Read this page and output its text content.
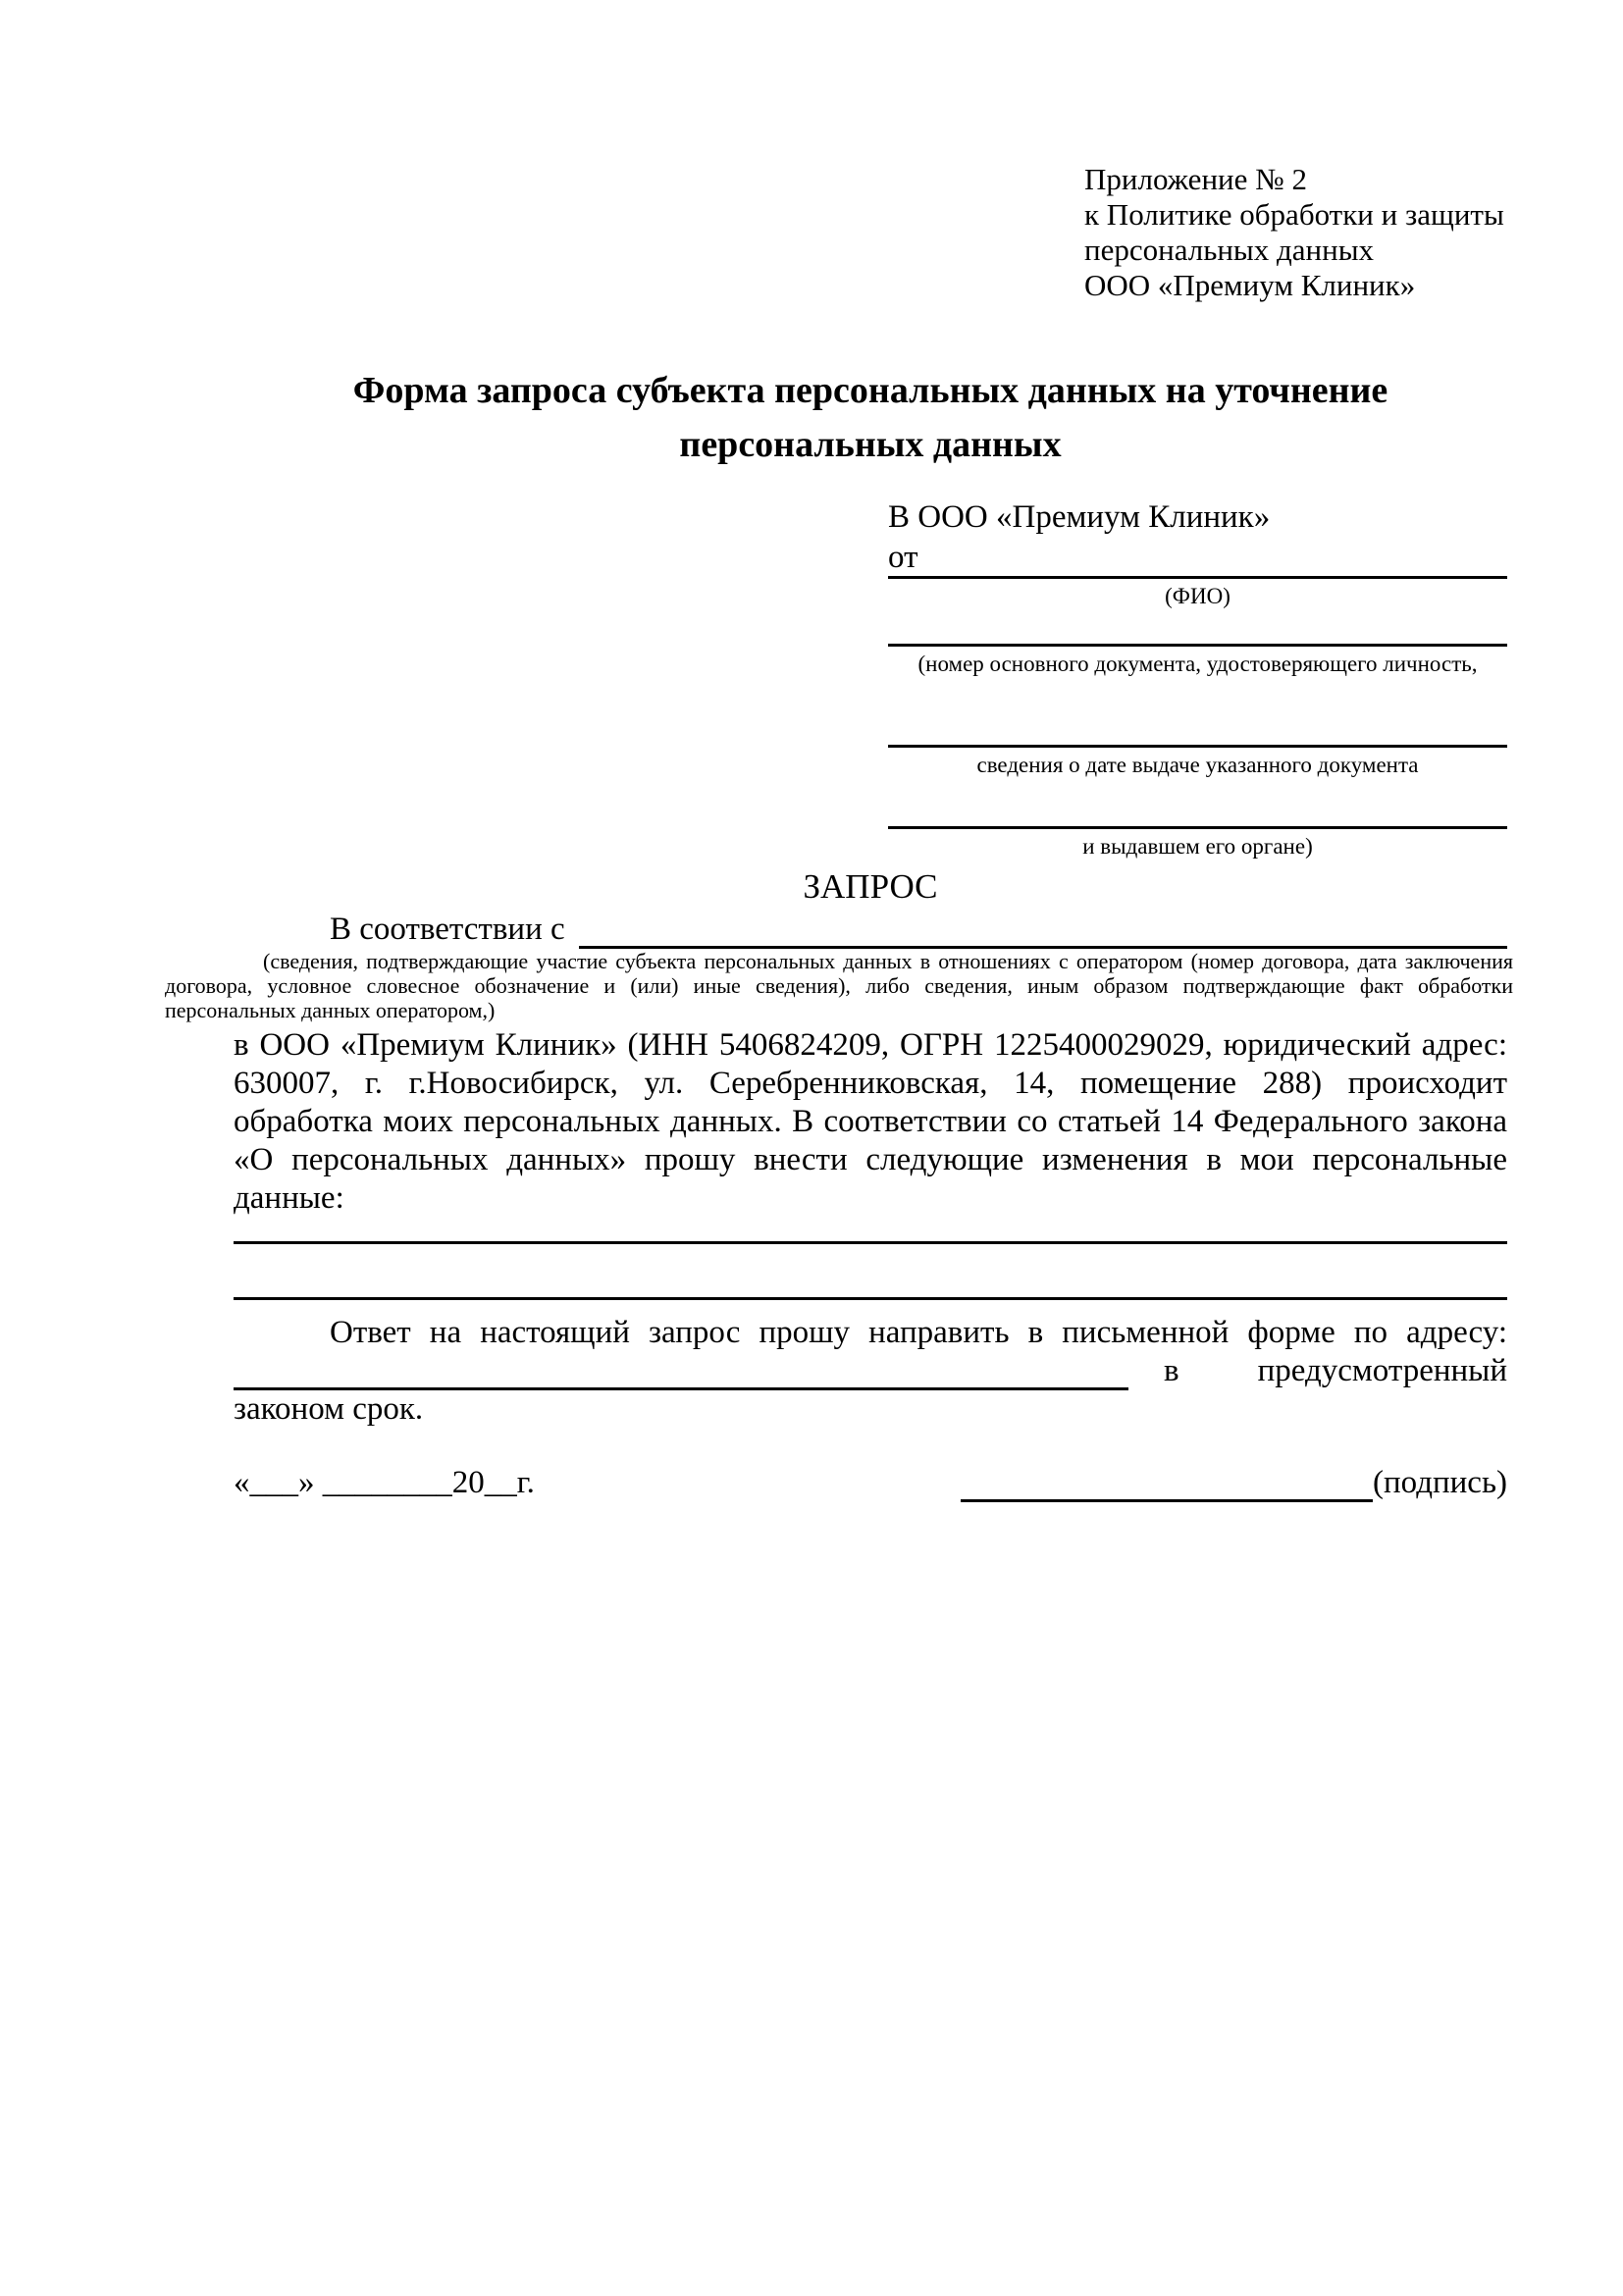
Приложение № 2
к Политике обработки и защиты
персональных данных
ООО «Премиум Клиник»
Форма запроса субъекта персональных данных на уточнение персональных данных
В ООО «Премиум Клиник»
от
(ФИО)
(номер основного документа, удостоверяющего личность,
сведения о дате выдаче указанного документа
и выдавшем его органе)
ЗАПРОС
В соответствии с

(сведения, подтверждающие участие субъекта персональных данных в отношениях с оператором (номер договора, дата заключения договора, условное словесное обозначение и (или) иные сведения), либо сведения, иным образом подтверждающие факт обработки персональных данных оператором,)

в ООО «Премиум Клиник» (ИНН 5406824209, ОГРН 1225400029029, юридический адрес: 630007, г. г.Новосибирск, ул. Серебренниковская, 14, помещение 288) происходит обработка моих персональных данных. В соответствии со статьей 14 Федерального закона «О персональных данных» прошу внести следующие изменения в мои персональные данные:

Ответ на настоящий запрос прошу направить в письменной форме по адресу:

в предусмотренный

законом срок.

«___» ________20__г.	(подпись)
